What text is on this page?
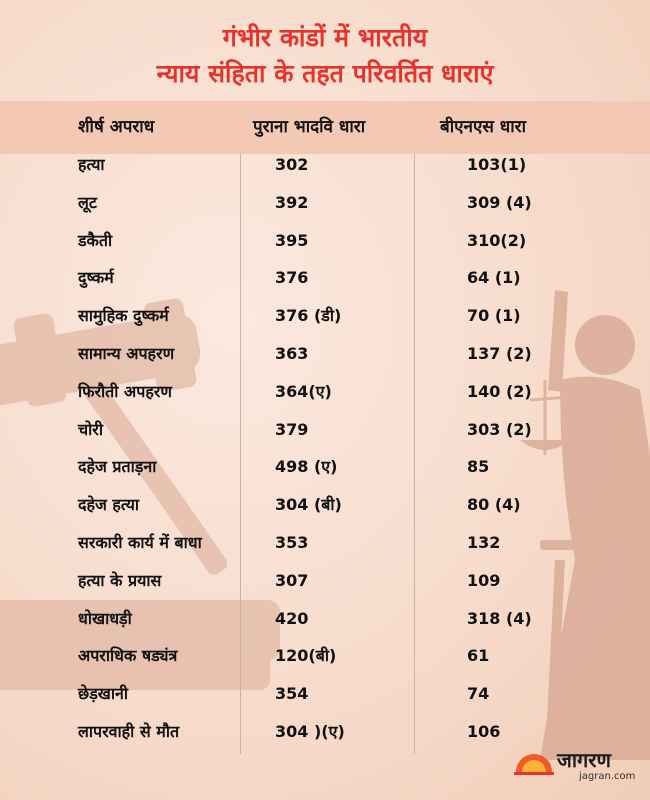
गंभीर कांडों में भारतीय
न्याय संहिता के तहत परिवर्तित धाराएं
शीर्ष अपराध	पुराना भादवि धारा	बीएनएस धारा
हत्या	302	103(1)
लूट	392	309 (4)
डकैती	395	310(2)
दुष्कर्म	376	64 (1)
सामुहिक दुष्कर्म	376 (डी)	70 (1)
सामान्य अपहरण	363	137 (2)
फिरौती अपहरण	364(ए)	140 (2)
चोरी	379	303 (2)
दहेज प्रताड़ना	498 (ए)	85
दहेज हत्या	304 (बी)	80 (4)
सरकारी कार्य में बाधा	353	132
हत्या के प्रयास	307	109
धोखाधड़ी	420	318 (4)
अपराधिक षड्यंत्र	120(बी)	61
छेड़खानी	354	74
लापरवाही से मौत	304 )(ए)	106
जागरण
jagran.com
